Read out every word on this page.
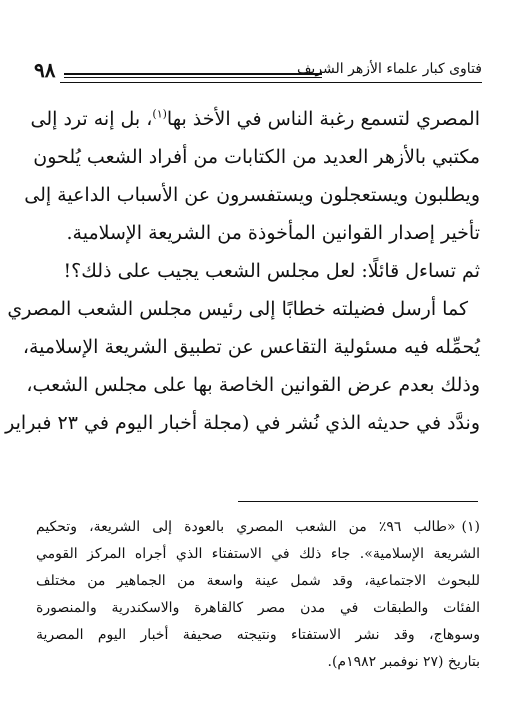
٩٨	فتاوى كبار علماء الأزهر الشريف
المصري لتسمع رغبة الناس في الأخذ بها$^{(١)}$، بل إنه ترد إلى
مكتبي بالأزهر العديد من الكتابات من أفراد الشعب يُلحون
ويطلبون ويستعجلون ويستفسرون عن الأسباب الداعية إلى
تأخير إصدار القوانين المأخوذة من الشريعة الإسلامية.
ثم تساءل قائلًا: لعل مجلس الشعب يجيب على ذلك؟!
كما أرسل فضيلته خطابًا إلى رئيس مجلس الشعب المصري
يُحمِّله فيه مسئولية التقاعس عن تطبيق الشريعة الإسلامية،
وذلك بعدم عرض القوانين الخاصة بها على مجلس الشعب،
وندَّد في حديثه الذي نُشر في (مجلة أخبار اليوم في ٢٣ فبراير
(١)«طالب ٩٦٪ من الشعب المصري بالعودة إلى الشريعة، وتحكيم
الشريعة الإسلامية». جاء ذلك في الاستفتاء الذي أجراه المركز القومي
للبحوث الاجتماعية، وقد شمل عينة واسعة من الجماهير من مختلف
الفئات والطبقات في مدن مصر كالقاهرة والاسكندرية والمنصورة
وسوهاج، وقد نشر الاستفتاء ونتيجته صحيفة أخبار اليوم المصرية
بتاريخ (٢٧ نوفمبر ١٩٨٢م).
